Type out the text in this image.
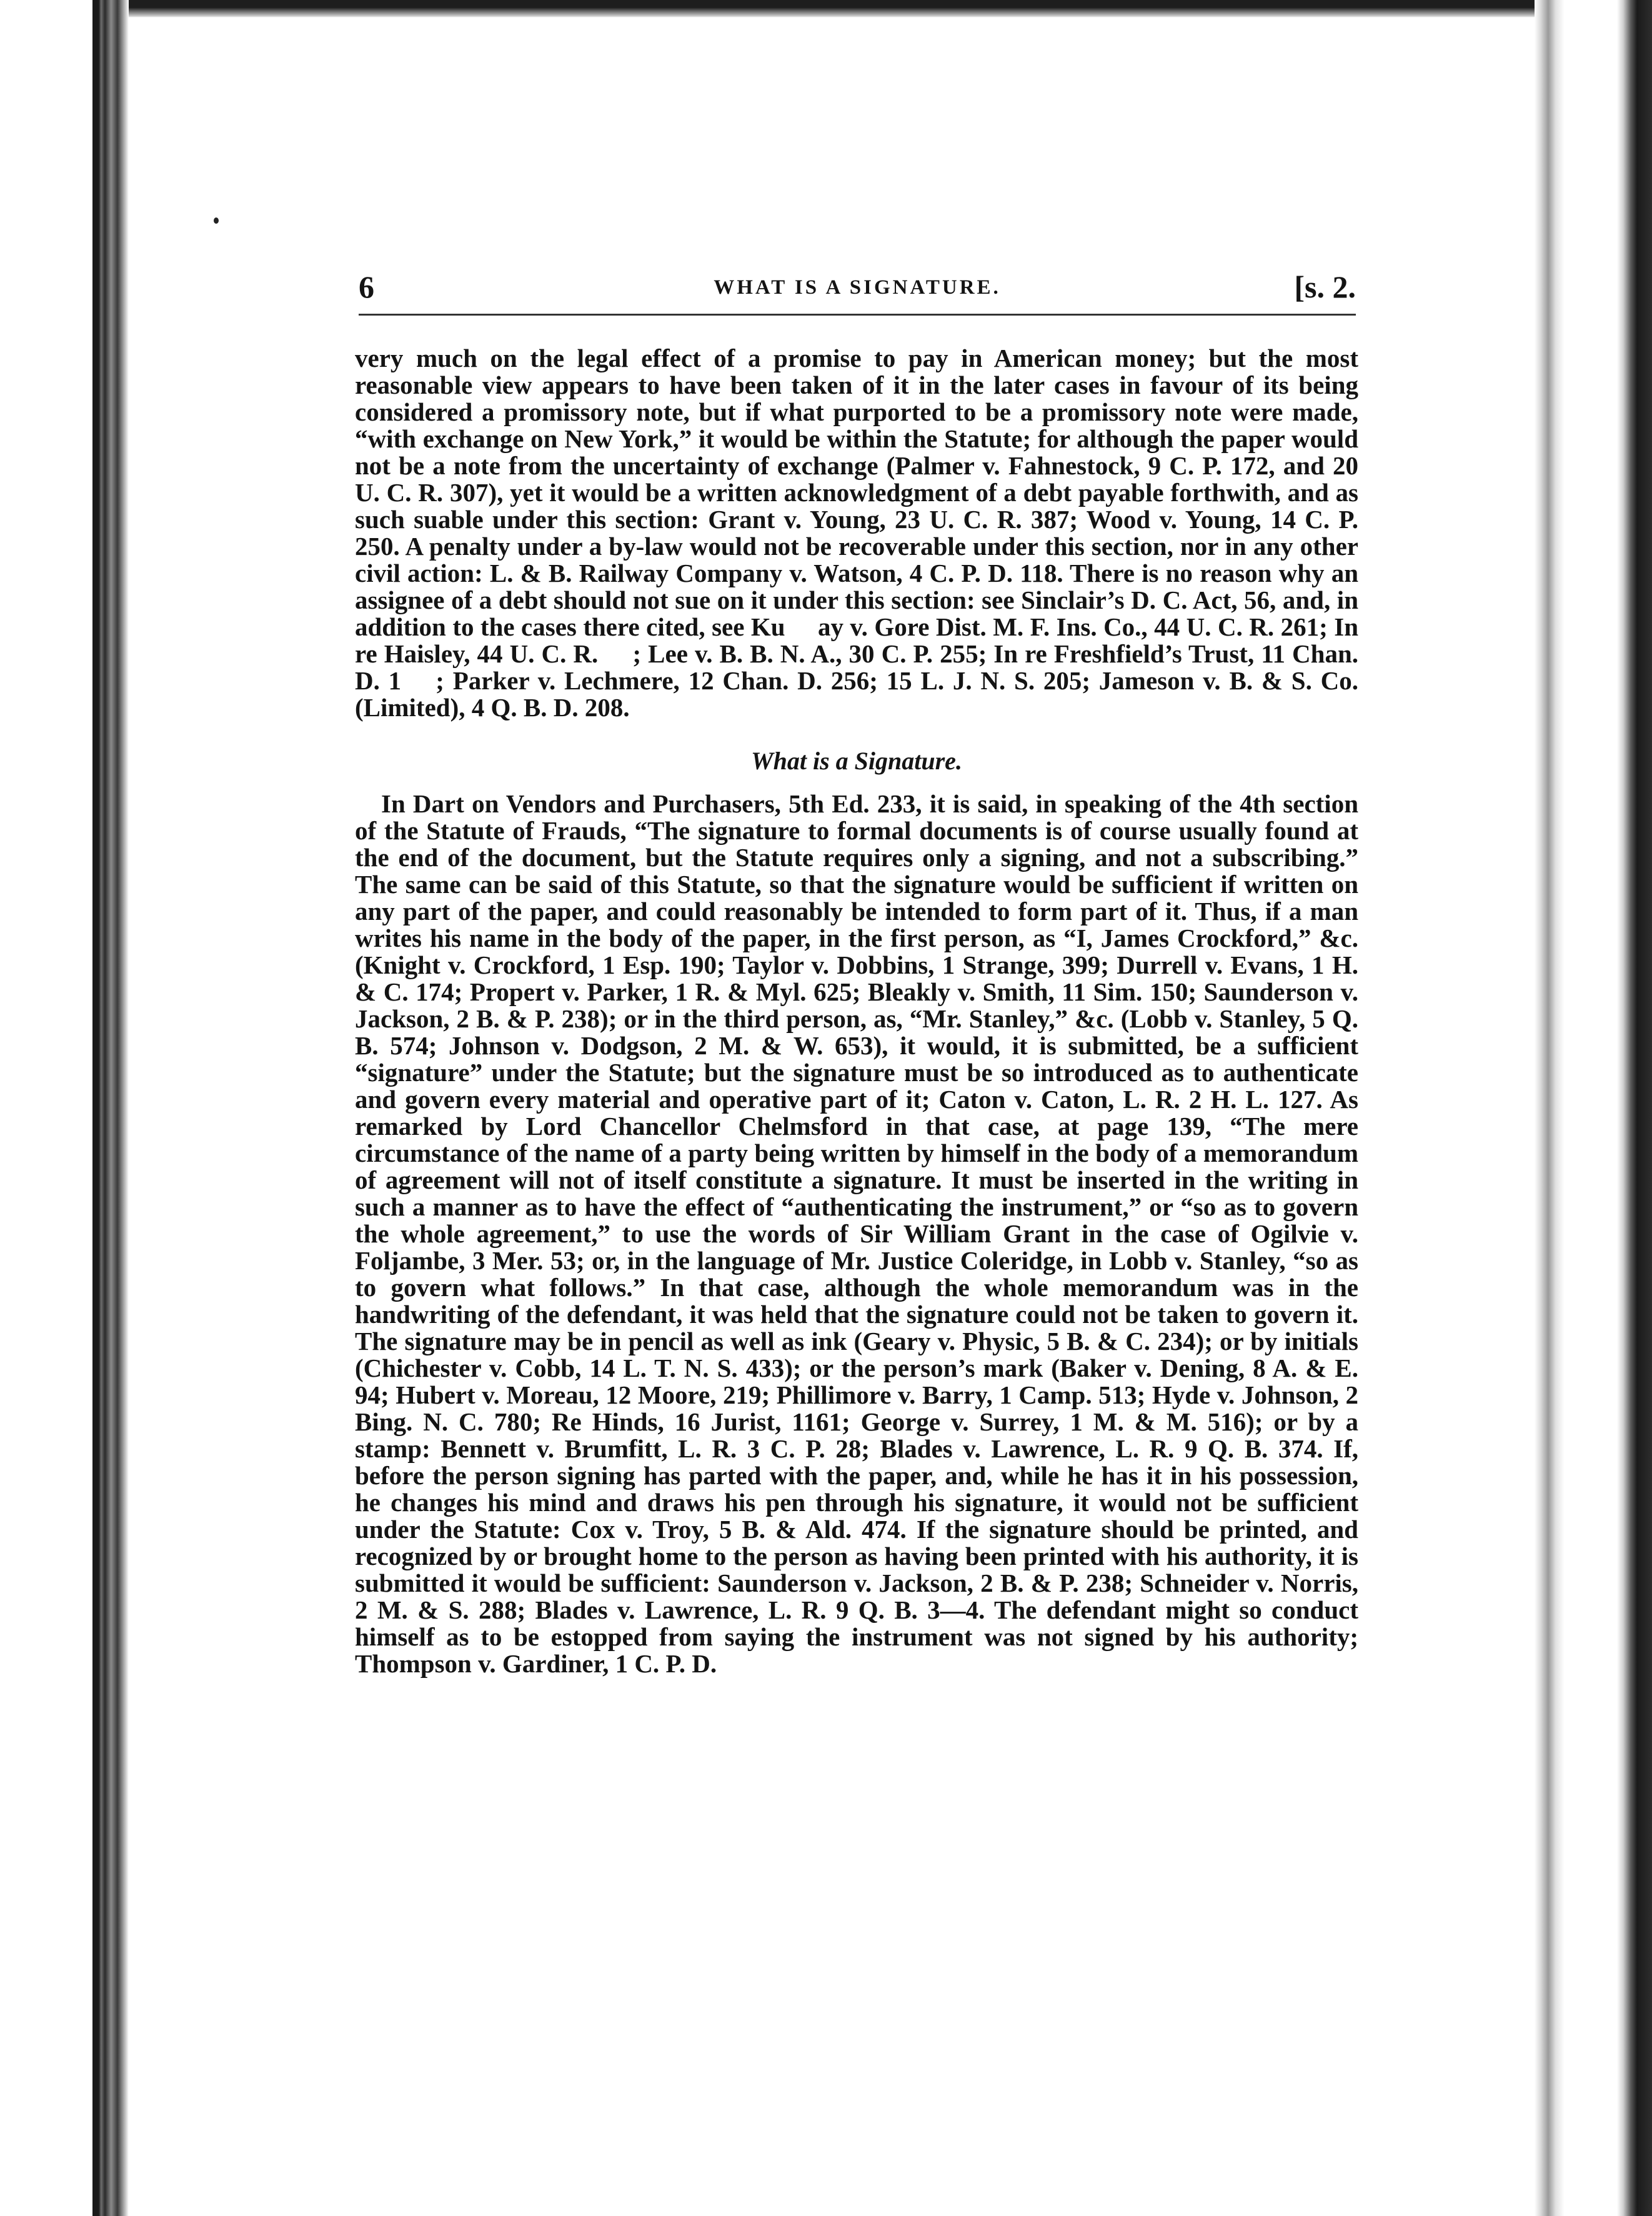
6	WHAT IS A SIGNATURE.	[s. 2.

very much on the legal effect of a promise to pay in American money; but the most reasonable view appears to have been taken of it in the later cases in favour of its being considered a promissory note, but if what purported to be a promissory note were made, “with exchange on New York,” it would be within the Statute; for although the paper would not be a note from the uncertainty of exchange (Palmer v. Fahnestock, 9 C. P. 172, and 20 U. C. R. 307), yet it would be a written acknowledgment of a debt payable forthwith, and as such suable under this section: Grant v. Young, 23 U. C. R. 387; Wood v. Young, 14 C. P. 250. A penalty under a by-law would not be recoverable under this section, nor in any other civil action: L. & B. Railway Company v. Watson, 4 C. P. D. 118. There is no reason why an assignee of a debt should not sue on it under this section: see Sinclair’s D. C. Act, 56, and, in addition to the cases there cited, see Ku     ay v. Gore Dist. M. F. Ins. Co., 44 U. C. R. 261; In re Haisley, 44 U. C. R.     ; Lee v. B. B. N. A., 30 C. P. 255; In re Freshfield’s Trust, 11 Chan. D. 1    ; Parker v. Lechmere, 12 Chan. D. 256; 15 L. J. N. S. 205; Jameson v. B. & S. Co. (Limited), 4 Q. B. D. 208.

What is a Signature.

In Dart on Vendors and Purchasers, 5th Ed. 233, it is said, in speaking of the 4th section of the Statute of Frauds, “The signature to formal documents is of course usually found at the end of the document, but the Statute requires only a signing, and not a subscribing.” The same can be said of this Statute, so that the signature would be sufficient if written on any part of the paper, and could reasonably be intended to form part of it. Thus, if a man writes his name in the body of the paper, in the first person, as “I, James Crockford,” &c. (Knight v. Crockford, 1 Esp. 190; Taylor v. Dobbins, 1 Strange, 399; Durrell v. Evans, 1 H. & C. 174; Propert v. Parker, 1 R. & Myl. 625; Bleakly v. Smith, 11 Sim. 150; Saunderson v. Jackson, 2 B. & P. 238); or in the third person, as, “Mr. Stanley,” &c. (Lobb v. Stanley, 5 Q. B. 574; Johnson v. Dodgson, 2 M. & W. 653), it would, it is submitted, be a sufficient “signature” under the Statute; but the signature must be so introduced as to authenticate and govern every material and operative part of it; Caton v. Caton, L. R. 2 H. L. 127. As remarked by Lord Chancellor Chelmsford in that case, at page 139, “The mere circumstance of the name of a party being written by himself in the body of a memorandum of agreement will not of itself constitute a signature. It must be inserted in the writing in such a manner as to have the effect of “authenticating the instrument,” or “so as to govern the whole agreement,” to use the words of Sir William Grant in the case of Ogilvie v. Foljambe, 3 Mer. 53; or, in the language of Mr. Justice Coleridge, in Lobb v. Stanley, “so as to govern what follows.” In that case, although the whole memorandum was in the handwriting of the defendant, it was held that the signature could not be taken to govern it. The signature may be in pencil as well as ink (Geary v. Physic, 5 B. & C. 234); or by initials (Chichester v. Cobb, 14 L. T. N. S. 433); or the person’s mark (Baker v. Dening, 8 A. & E. 94; Hubert v. Moreau, 12 Moore, 219; Phillimore v. Barry, 1 Camp. 513; Hyde v. Johnson, 2 Bing. N. C. 780; Re Hinds, 16 Jurist, 1161; George v. Surrey, 1 M. & M. 516); or by a stamp: Bennett v. Brumfitt, L. R. 3 C. P. 28; Blades v. Lawrence, L. R. 9 Q. B. 374. If, before the person signing has parted with the paper, and, while he has it in his possession, he changes his mind and draws his pen through his signature, it would not be sufficient under the Statute: Cox v. Troy, 5 B. & Ald. 474. If the signature should be printed, and recognized by or brought home to the person as having been printed with his authority, it is submitted it would be sufficient: Saunderson v. Jackson, 2 B. & P. 238; Schneider v. Norris, 2 M. & S. 288; Blades v. Lawrence, L. R. 9 Q. B. 3—4. The defendant might so conduct himself as to be estopped from saying the instrument was not signed by his authority; Thompson v. Gardiner, 1 C. P. D.
